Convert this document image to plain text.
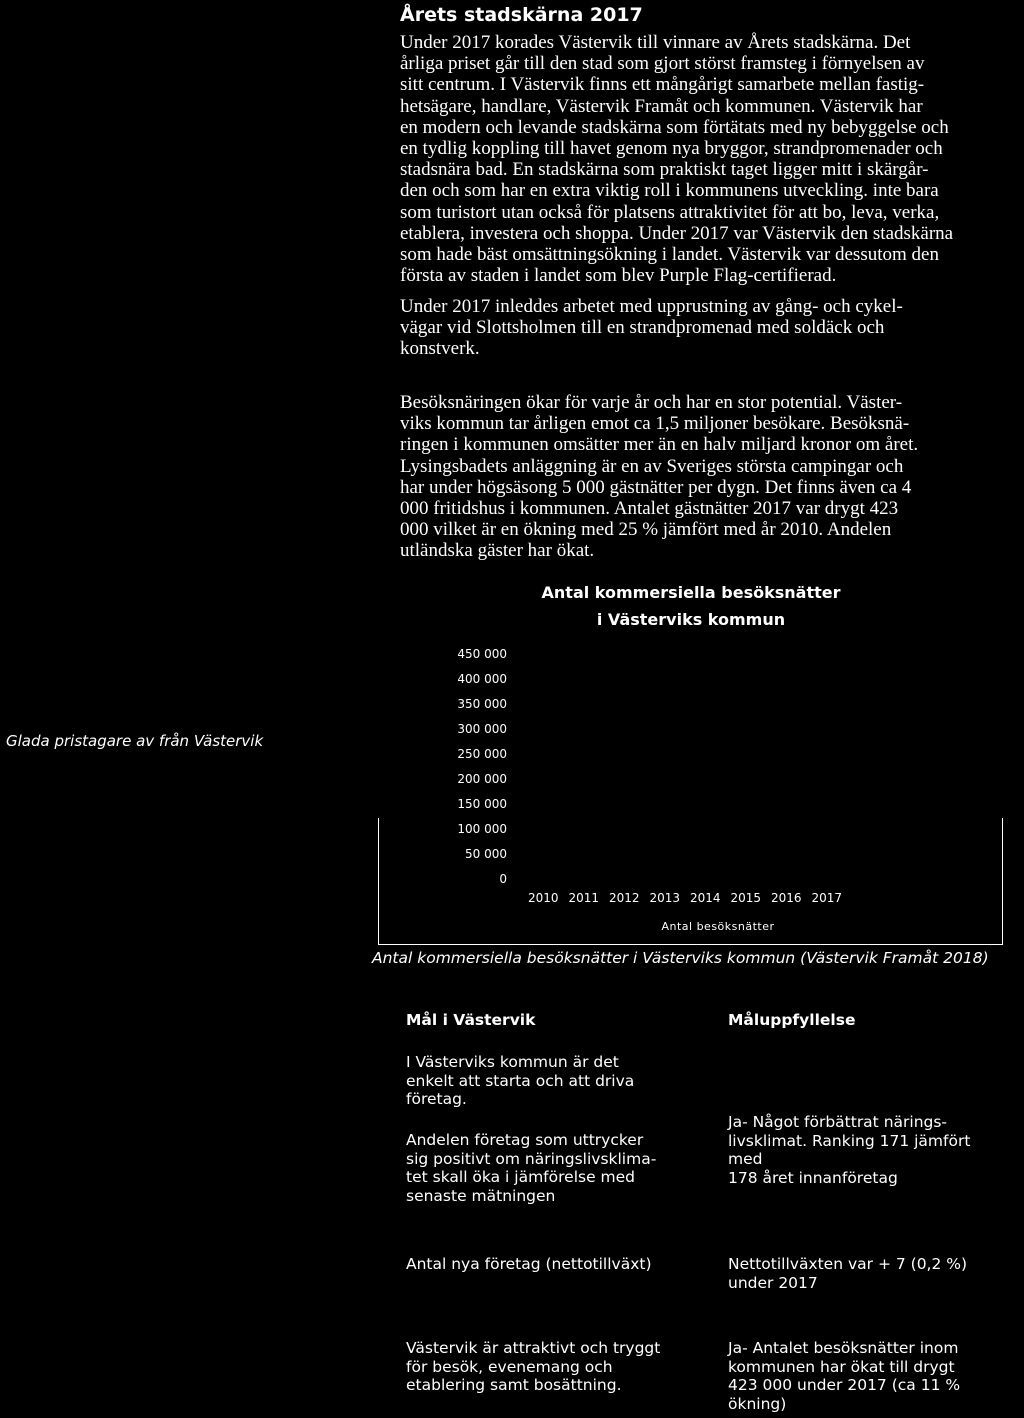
Årets stadskärna 2017
Under 2017 korades Västervik till vinnare av Årets stadskärna. Det
årliga priset går till den stad som gjort störst framsteg i förnyelsen av
sitt centrum. I Västervik finns ett mångårigt samarbete mellan fastig-
hetsägare, handlare, Västervik Framåt och kommunen. Västervik har
en modern och levande stadskärna som förtätats med ny bebyggelse och
en tydlig koppling till havet genom nya bryggor, strandpromenader och
stadsnära bad. En stadskärna som praktiskt taget ligger mitt i skärgår-
den och som har en extra viktig roll i kommunens utveckling. inte bara
som turistort utan också för platsens attraktivitet för att bo, leva, verka,
etablera, investera och shoppa. Under 2017 var Västervik den stadskärna
som hade bäst omsättningsökning i landet. Västervik var dessutom den
första av staden i landet som blev Purple Flag-certifierad.
Under 2017 inleddes arbetet med upprustning av gång- och cykel-
vägar vid Slottsholmen till en strandpromenad med soldäck och
konstverk.
Besöksnäringen ökar för varje år och har en stor potential. Väster-
viks kommun tar årligen emot ca 1,5 miljoner besökare. Besöksnä-
ringen i kommunen omsätter mer än en halv miljard kronor om året.
Lysingsbadets anläggning är en av Sveriges största campingar och
har under högsäsong 5 000 gästnätter per dygn. Det finns även ca 4
000 fritidshus i kommunen. Antalet gästnätter 2017 var drygt 423
000 vilket är en ökning med 25 % jämfört med år 2010. Andelen
utländska gäster har ökat.
Glada pristagare av från Västervik
Antal kommersiella besöksnätter
i Västerviks kommun
450 000
400 000
350 000
300 000
250 000
200 000
150 000
100 000
50 000
0
2010 2011 2012 2013 2014 2015 2016 2017
Antal besöksnätter
Antal kommersiella besöksnätter i Västerviks kommun (Västervik Framåt 2018)
Mål i Västervik	Måluppfyllelse
I Västerviks kommun är det
enkelt att starta och att driva
företag.
Andelen företag som uttrycker
sig positivt om näringslivsklima-
tet skall öka i jämförelse med
senaste mätningen
Ja- Något förbättrat närings-
livsklimat. Ranking 171 jämfört
med
178 året innanföretag
Antal nya företag (nettotillväxt)	Nettotillväxten var + 7 (0,2 %)
under 2017
Västervik är attraktivt och tryggt
för besök, evenemang och
etablering samt bosättning.
Ja- Antalet besöksnätter inom
kommunen har ökat till drygt
423 000 under 2017 (ca 11 %
ökning)
